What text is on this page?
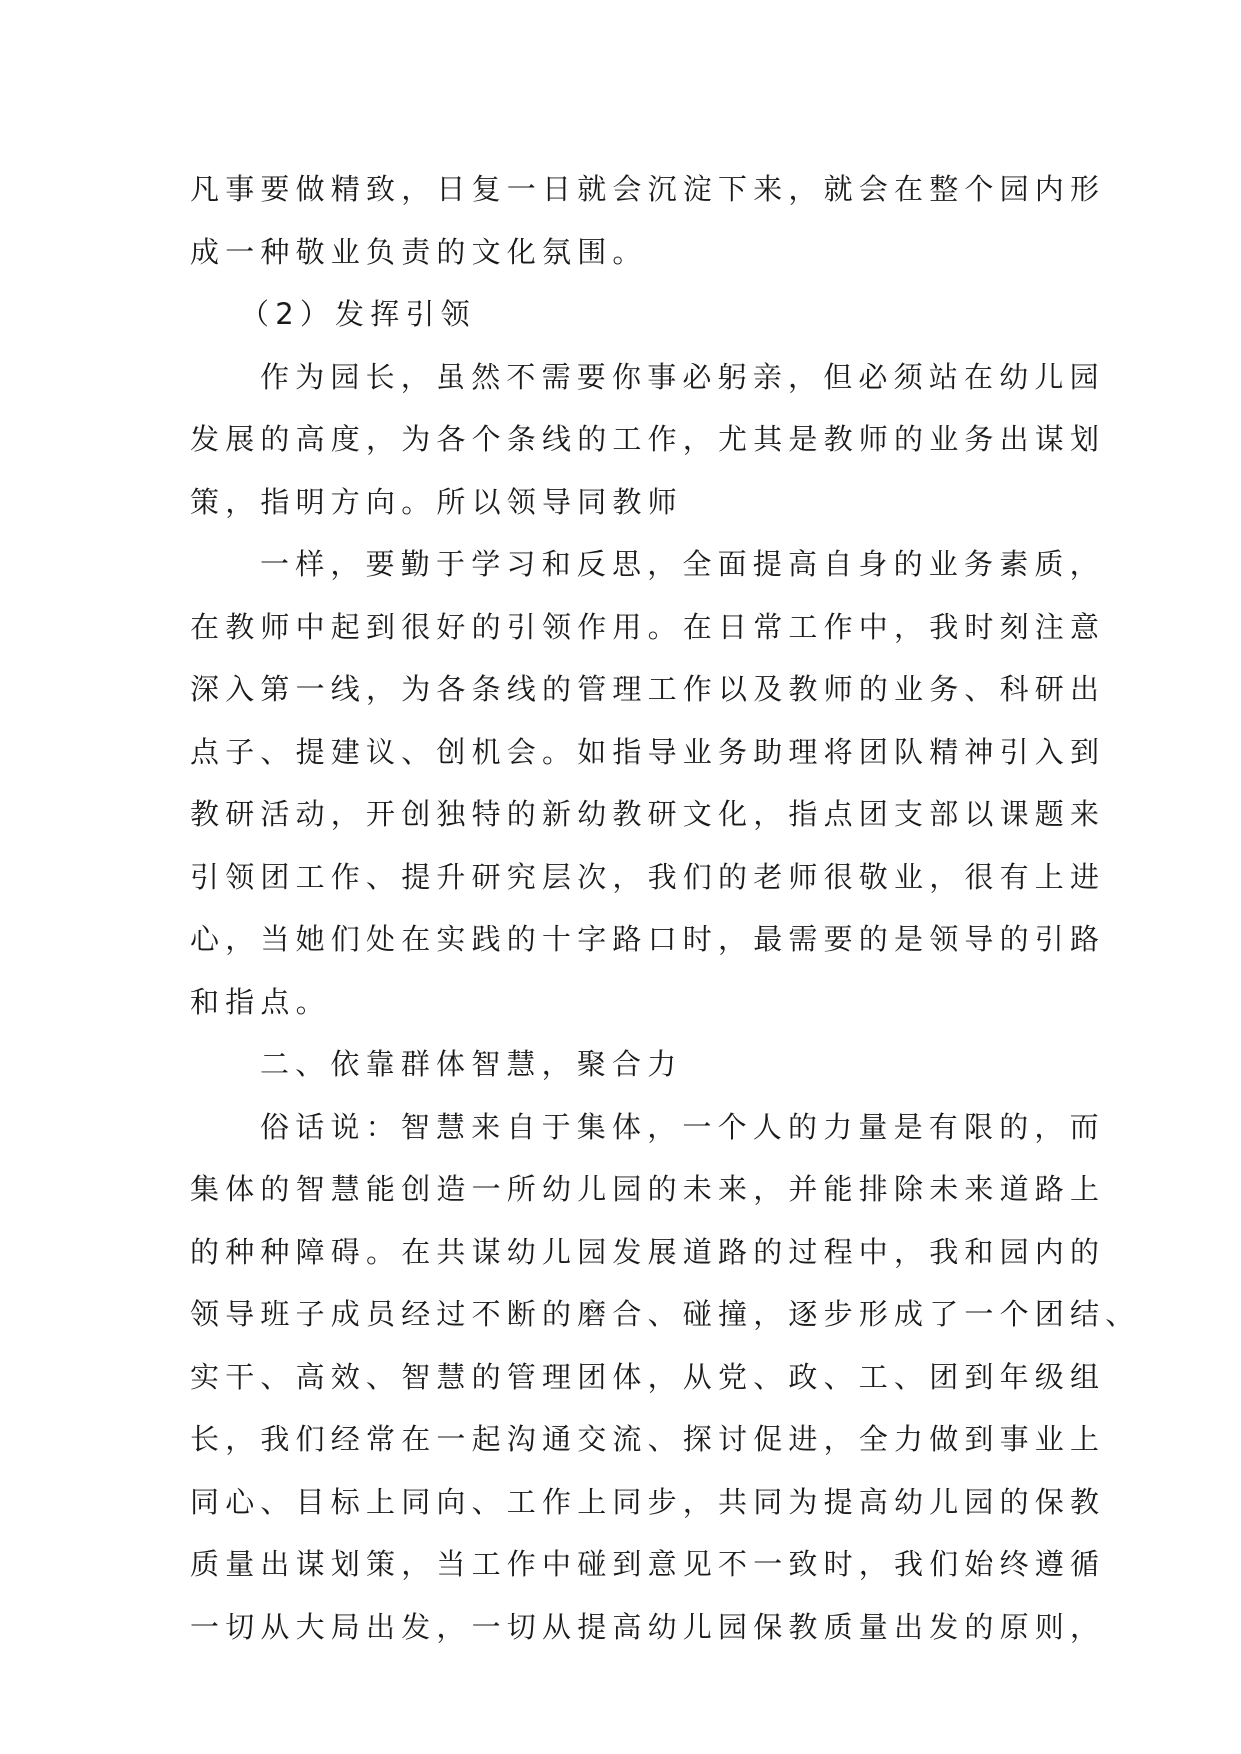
凡事要做精致，日复一日就会沉淀下来，就会在整个园内形
成一种敬业负责的文化氛围。
（2）发挥引领
作为园长，虽然不需要你事必躬亲，但必须站在幼儿园
发展的高度，为各个条线的工作，尤其是教师的业务出谋划
策，指明方向。所以领导同教师
一样，要勤于学习和反思，全面提高自身的业务素质，
在教师中起到很好的引领作用。在日常工作中，我时刻注意
深入第一线，为各条线的管理工作以及教师的业务、科研出
点子、提建议、创机会。如指导业务助理将团队精神引入到
教研活动，开创独特的新幼教研文化，指点团支部以课题来
引领团工作、提升研究层次，我们的老师很敬业，很有上进
心，当她们处在实践的十字路口时，最需要的是领导的引路
和指点。
二、依靠群体智慧，聚合力
俗话说：智慧来自于集体，一个人的力量是有限的，而
集体的智慧能创造一所幼儿园的未来，并能排除未来道路上
的种种障碍。在共谋幼儿园发展道路的过程中，我和园内的
领导班子成员经过不断的磨合、碰撞，逐步形成了一个团结、
实干、高效、智慧的管理团体，从党、政、工、团到年级组
长，我们经常在一起沟通交流、探讨促进，全力做到事业上
同心、目标上同向、工作上同步，共同为提高幼儿园的保教
质量出谋划策，当工作中碰到意见不一致时，我们始终遵循
一切从大局出发，一切从提高幼儿园保教质量出发的原则，
